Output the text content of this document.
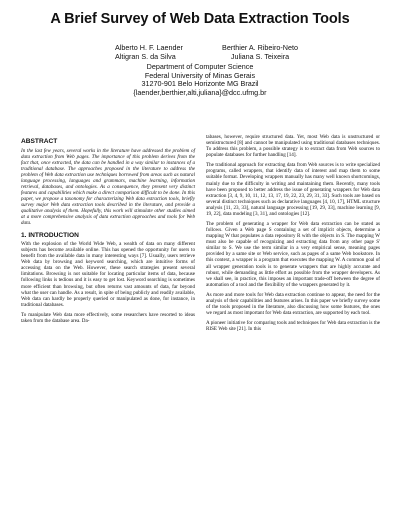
A Brief Survey of Web Data Extraction Tools
Alberto H. F. Laender	Berthier A. Ribeiro-Neto
Altigran S. da Silva	Juliana S. Teixeira
Department of Computer Science
Federal University of Minas Gerais
31270-901 Belo Horizonte MG Brazil
{laender,berthier,alti,juliana}@dcc.ufmg.br
ABSTRACT

In the last few years, several works in the literature have addressed the problem of data extraction from Web pages. The importance of this problem derives from the fact that, once extracted, the data can be handled in a way similar to instances of a traditional database. The approaches proposed in the literature to address the problem of Web data extraction use techniques borrowed from areas such as natural language processing, languages and grammars, machine learning, information retrieval, databases, and ontologies. As a consequence, they present very distinct features and capabilities which make a direct comparison difficult to be done. In this paper, we propose a taxonomy for characterizing Web data extraction tools, briefly survey major Web data extraction tools described in the literature, and provide a qualitative analysis of them. Hopefully, this work will stimulate other studies aimed at a more comprehensive analysis of data extraction approaches and tools for Web data.

1. INTRODUCTION

With the explosion of the World Wide Web, a wealth of data on many different subjects has become available online. This has opened the opportunity for users to benefit from the available data in many interesting ways [7]. Usually, users retrieve Web data by browsing and keyword searching, which are intuitive forms of accessing data on the Web. However, these search strategies present several limitations. Browsing is not suitable for locating particular items of data, because following links is tedious and it is easy to get lost. Keyword searching is sometimes more efficient than browsing, but often returns vast amounts of data, far beyond what the user can handle. As a result, in spite of being publicly and readily available, Web data can hardly be properly queried or manipulated as done, for instance, in traditional databases.

To manipulate Web data more effectively, some researchers have resorted to ideas taken from the database area. Da-

tabases, however, require structured data. Yet, most Web data is unstructured or semistructured [8] and cannot be manipulated using traditional databases techniques. To address this problem, a possible strategy is to extract data from Web sources to populate databases for further handling [14].

The traditional approach for extracting data from Web sources is to write specialized programs, called wrappers, that identify data of interest and map them to some suitable format. Developing wrappers manually has many well known shortcomings, mainly due to the difficulty in writing and maintaining them. Recently, many tools have been proposed to better address the issue of generating wrappers for Web data extraction [3, 4, 9, 10, 11, 12, 13, 17, 19, 22, 23, 29, 31, 33]. Such tools are based on several distinct techniques such as declarative languages [4, 10, 17], HTML structure analysis [11, 23, 33], natural language processing [19, 29, 33], machine learning [9, 19, 22], data modeling [3, 31], and ontologies [12].

The problem of generating a wrapper for Web data extraction can be stated as follows. Given a Web page S containing a set of implicit objects, determine a mapping W that populates a data repository R with the objects in S. The mapping W must also be capable of recognizing and extracting data from any other page S' similar to S. We use the term similar in a very empirical sense, meaning pages provided by a same site or Web service, such as pages of a same Web bookstore. In this context, a wrapper is a program that executes the mapping W. A common goal of all wrapper generation tools is to generate wrappers that are highly accurate and robust, while demanding as little effort as possible from the wrapper developers. As we shall see, in practice, this imposes an important trade-off between the degree of automation of a tool and the flexibility of the wrappers generated by it.

As more and more tools for Web data extraction continue to appear, the need for the analysis of their capabilities and features arises. In this paper we briefly survey some of the tools proposed in the literature, also discussing how some features, the ones we regard as most important for Web data extraction, are supported by each tool.

A pioneer initiative for comparing tools and techniques for Web data extraction is the RISE Web site [21]. In this
